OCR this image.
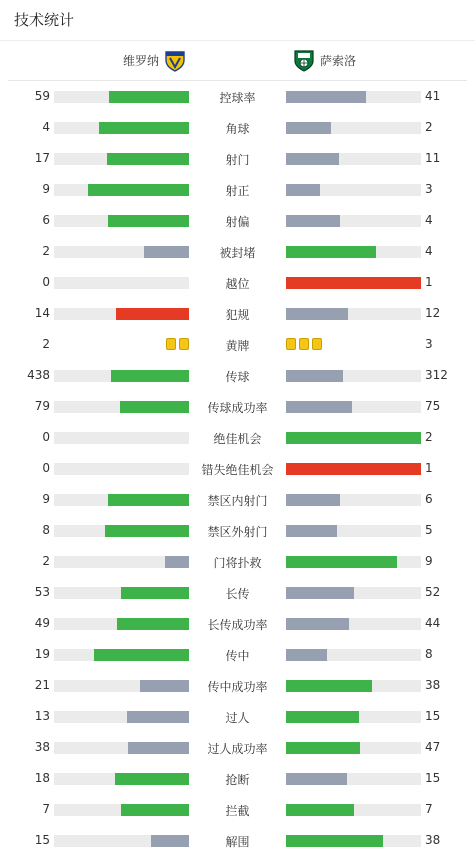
技术统计
维罗纳	萨索洛
59	控球率	41
4	角球	2
17	射门	11
9	射正	3
6	射偏	4
2	被封堵	4
0	越位	1
14	犯规	12
2	黄牌	3
438	传球	312
79	传球成功率	75
0	绝佳机会	2
0	错失绝佳机会	1
9	禁区内射门	6
8	禁区外射门	5
2	门将扑救	9
53	长传	52
49	长传成功率	44
19	传中	8
21	传中成功率	38
13	过人	15
38	过人成功率	47
18	抢断	15
7	拦截	7
15	解围	38
